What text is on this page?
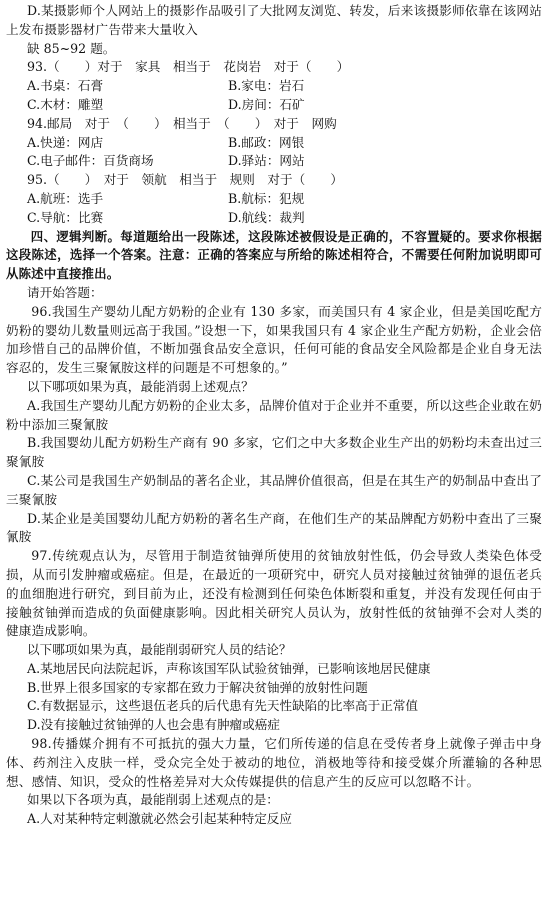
D.某摄影师个人网站上的摄影作品吸引了大批网友浏览、转发，后来该摄影师依靠在该网站上发布摄影器材广告带来大量收入

缺 85~92 题。

93.（　　）对于　家具　相当于　花岗岩　对于（　　）

A.书桌：石膏	B.家电：岩石
C.木材：雕塑	D.房间：石矿

94.邮局　对于　（　　）　相当于　（　　）　对于　网购

A.快递：网店	B.邮政：网银
C.电子邮件：百货商场	D.驿站：网站

95.（　　）　对于　领航　相当于　规则　对于（　　）

A.航班：选手	B.航标：犯规
C.导航：比赛	D.航线：裁判

四、逻辑判断。每道题给出一段陈述，这段陈述被假设是正确的，不容置疑的。要求你根据这段陈述，选择一个答案。注意：正确的答案应与所给的陈述相符合，不需要任何附加说明即可从陈述中直接推出。

请开始答题：

96.我国生产婴幼儿配方奶粉的企业有 130 多家，而美国只有 4 家企业，但是美国吃配方奶粉的婴幼儿数量则远高于我国。”设想一下，如果我国只有 4 家企业生产配方奶粉，企业会倍加珍惜自己的品牌价值，不断加强食品安全意识，任何可能的食品安全风险都是企业自身无法容忍的，发生三聚氰胺这样的问题是不可想象的。”

以下哪项如果为真，最能消弱上述观点？

A.我国生产婴幼儿配方奶粉的企业太多，品牌价值对于企业并不重要，所以这些企业敢在奶粉中添加三聚氰胺

B.我国婴幼儿配方奶粉生产商有 90 多家，它们之中大多数企业生产出的奶粉均未查出过三聚氰胺

C.某公司是我国生产奶制品的著名企业，其品牌价值很高，但是在其生产的奶制品中查出了三聚氰胺

D.某企业是美国婴幼儿配方奶粉的著名生产商，在他们生产的某品牌配方奶粉中查出了三聚氰胺

97.传统观点认为，尽管用于制造贫铀弹所使用的贫铀放射性低，仍会导致人类染色体受损，从而引发肿瘤或癌症。但是，在最近的一项研究中，研究人员对接触过贫铀弹的退伍老兵的血细胞进行研究，到目前为止，还没有检测到任何染色体断裂和重复，并没有发现任何由于接触贫铀弹而造成的负面健康影响。因此相关研究人员认为，放射性低的贫铀弹不会对人类的健康造成影响。

以下哪项如果为真，最能削弱研究人员的结论？

A.某地居民向法院起诉，声称该国军队试验贫铀弹，已影响该地居民健康

B.世界上很多国家的专家都在致力于解决贫铀弹的放射性问题

C.有数据显示，这些退伍老兵的后代患有先天性缺陷的比率高于正常值

D.没有接触过贫铀弹的人也会患有肿瘤或癌症

98.传播媒介拥有不可抵抗的强大力量，它们所传递的信息在受传者身上就像子弹击中身体、药剂注入皮肤一样，受众完全处于被动的地位，消极地等待和接受媒介所灌输的各种思想、感情、知识，受众的性格差异对大众传媒提供的信息产生的反应可以忽略不计。

如果以下各项为真，最能削弱上述观点的是：

A.人对某种特定刺激就必然会引起某种特定反应
